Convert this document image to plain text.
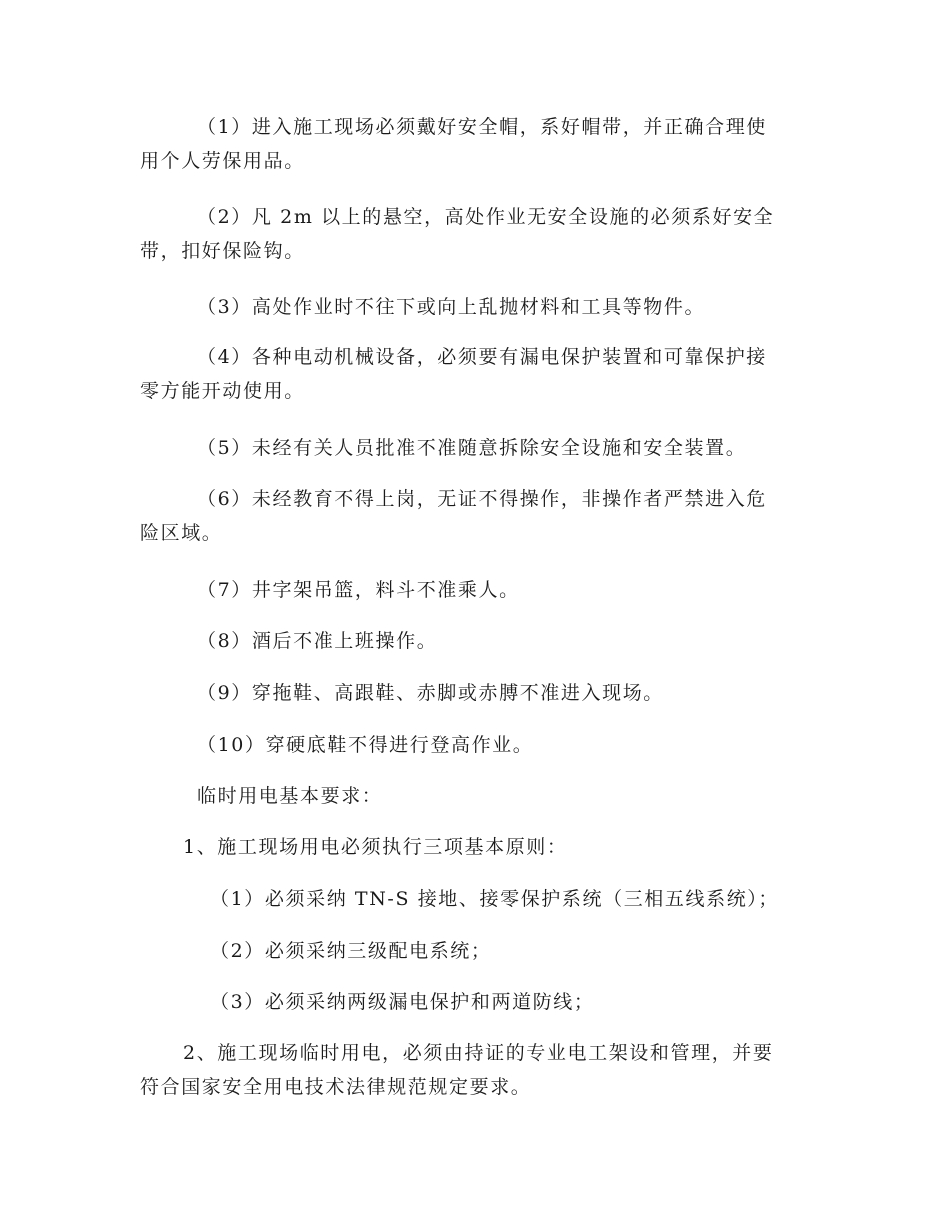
（1）进入施工现场必须戴好安全帽，系好帽带，并正确合理使
用个人劳保用品。
（2）凡 2m 以上的悬空，高处作业无安全设施的必须系好安全
带，扣好保险钩。
（3）高处作业时不往下或向上乱抛材料和工具等物件。
（4）各种电动机械设备，必须要有漏电保护装置和可靠保护接
零方能开动使用。
（5）未经有关人员批准不准随意拆除安全设施和安全装置。
（6）未经教育不得上岗，无证不得操作，非操作者严禁进入危
险区域。
（7）井字架吊篮，料斗不准乘人。
（8）酒后不准上班操作。
（9）穿拖鞋、高跟鞋、赤脚或赤膊不准进入现场。
（10）穿硬底鞋不得进行登高作业。
临时用电基本要求：
1、施工现场用电必须执行三项基本原则：
（1）必须采纳 TN-S 接地、接零保护系统（三相五线系统）；
（2）必须采纳三级配电系统；
（3）必须采纳两级漏电保护和两道防线；
2、施工现场临时用电，必须由持证的专业电工架设和管理，并要
符合国家安全用电技术法律规范规定要求。
